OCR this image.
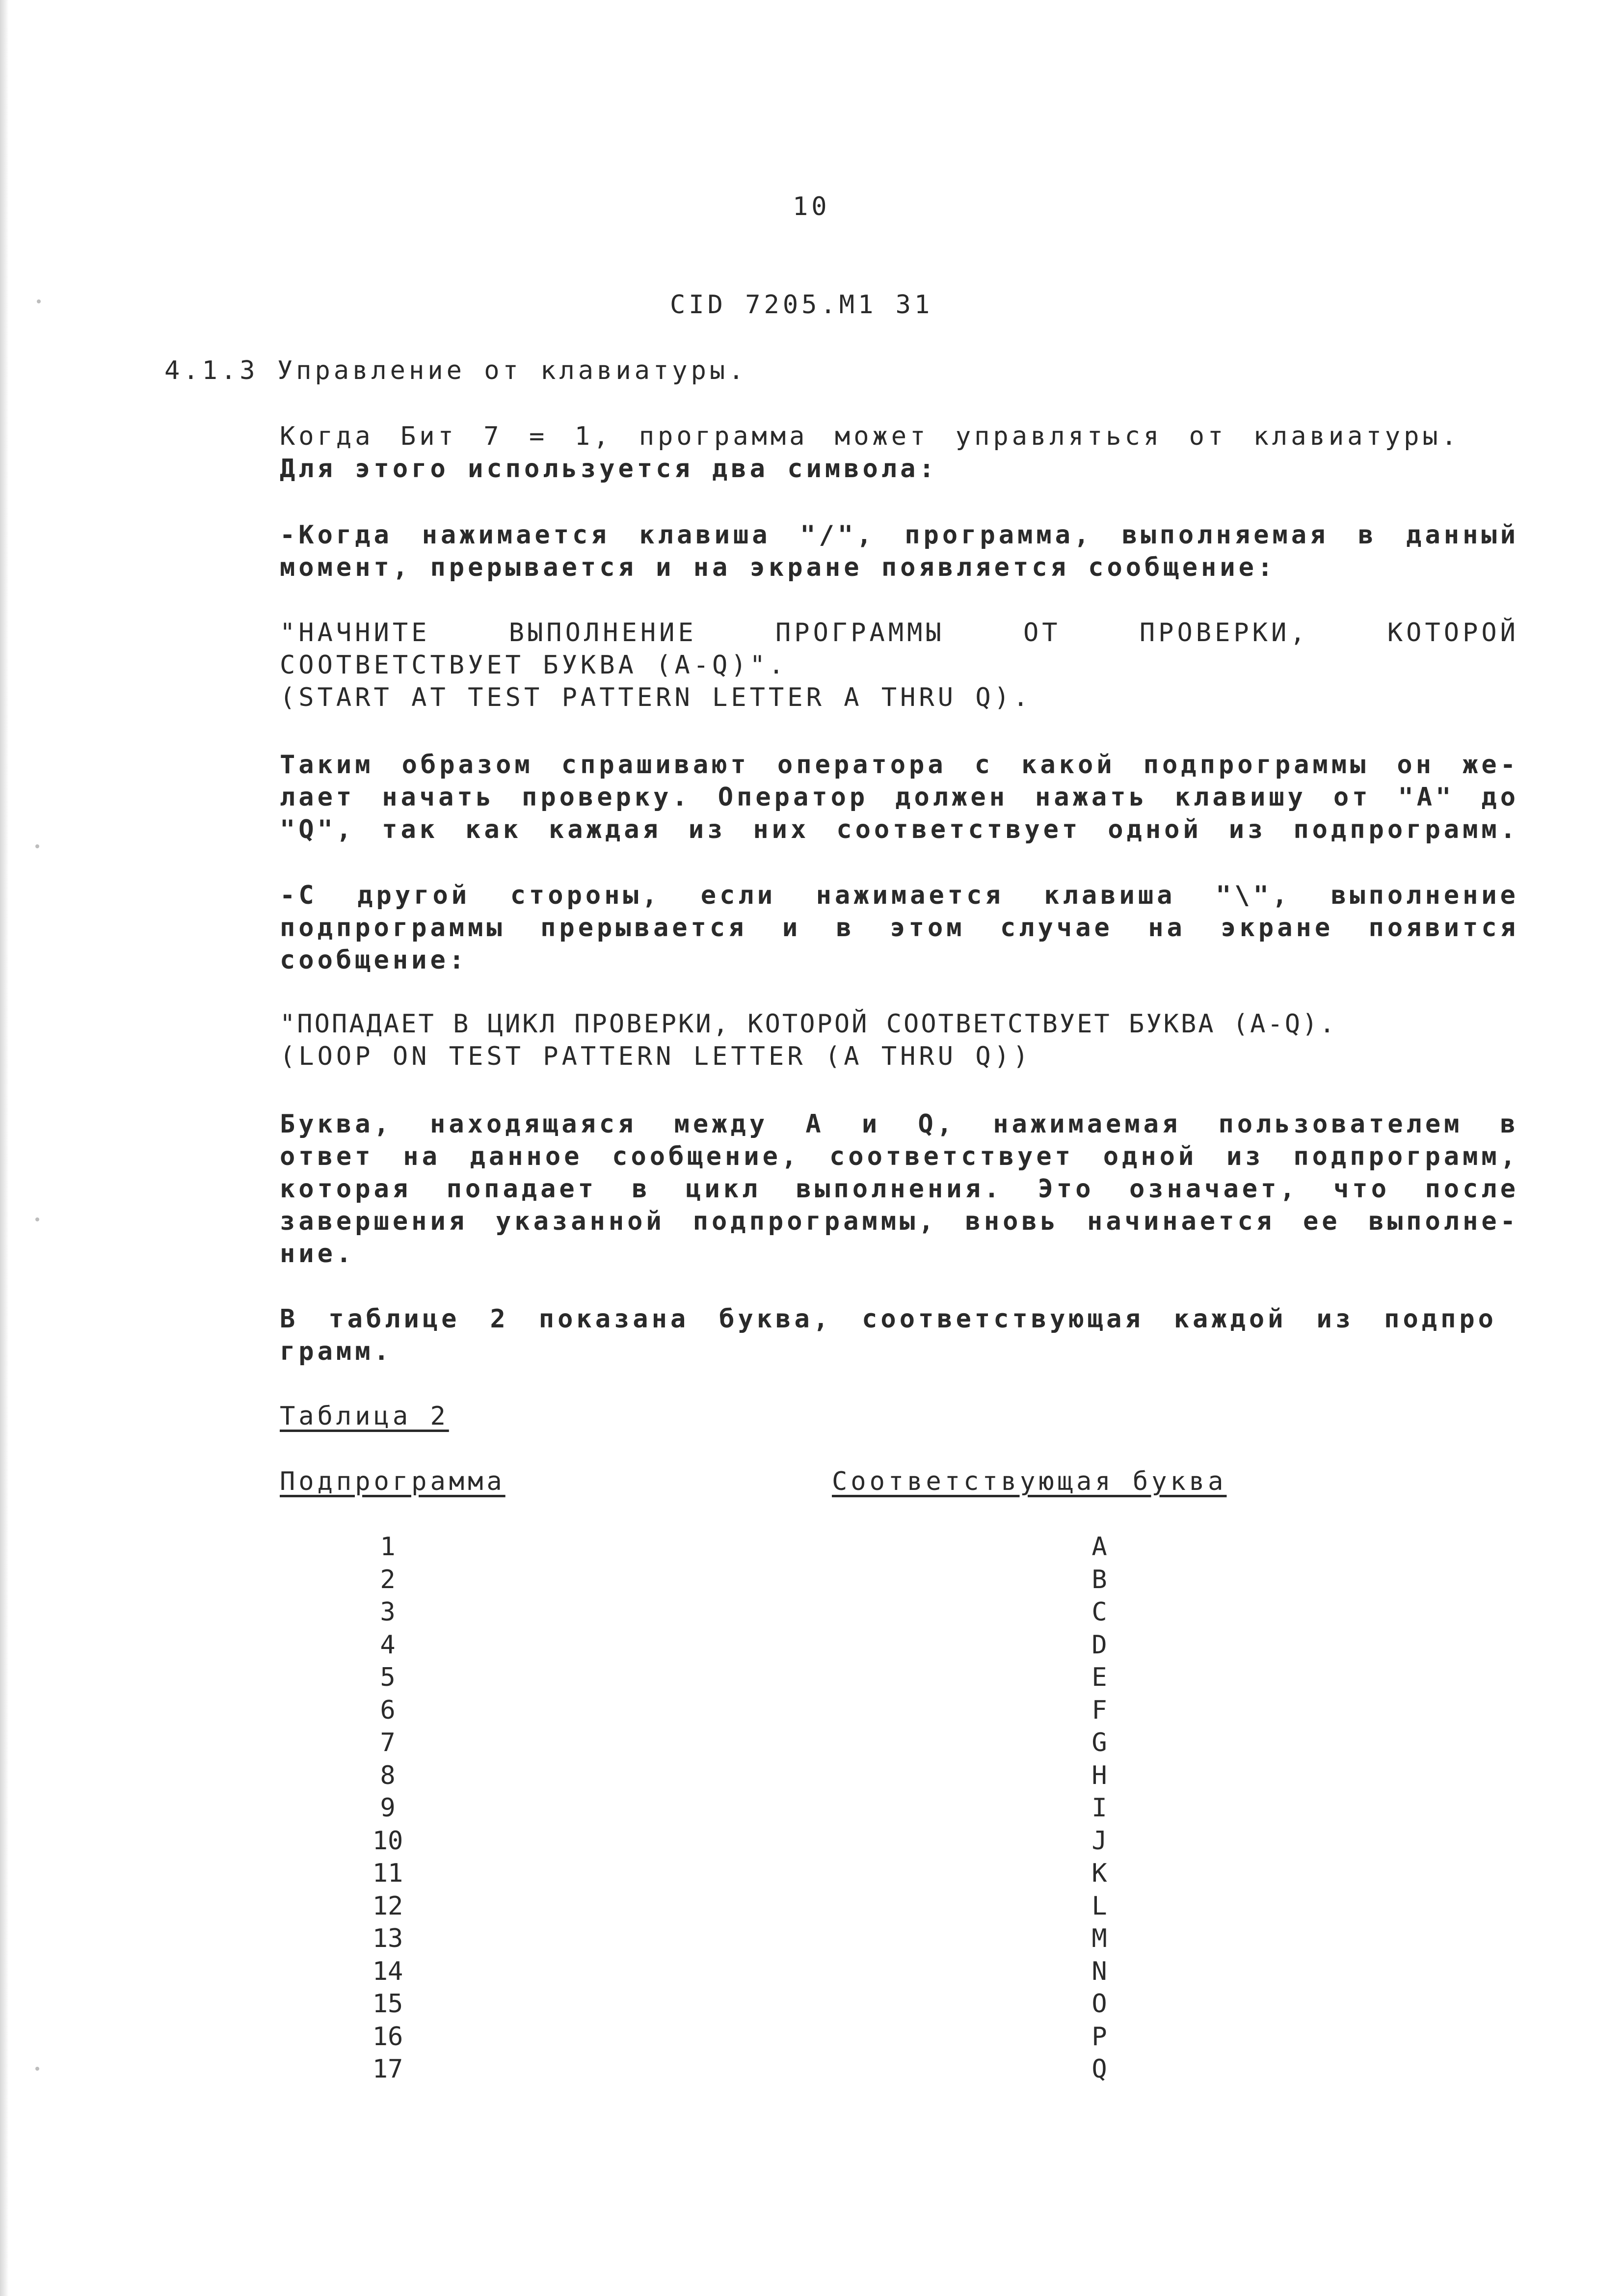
10
CID 7205.M1 31
4.1.3 Управление от клавиатуры.
Когда Бит 7 = 1, программа может управляться от клавиатуры.
Для этого используется два символа:
-Когда нажимается клавиша "/", программа, выполняемая в данный
момент, прерывается и на экране появляется сообщение:
"НАЧНИТЕ ВЫПОЛНЕНИЕ ПРОГРАММЫ ОТ ПРОВЕРКИ, КОТОРОЙ
СООТВЕТСТВУЕТ БУКВА (A-Q)".
(START AT TEST PATTERN LETTER A THRU Q).
Таким образом спрашивают оператора с какой подпрограммы он же-
лает начать проверку. Оператор должен нажать клавишу от "A" до
"Q", так как каждая из них соответствует одной из подпрограмм.
-С другой стороны, если нажимается клавиша "\", выполнение
подпрограммы прерывается и в этом случае на экране появится
сообщение:
"ПОПАДАЕТ В ЦИКЛ ПРОВЕРКИ, КОТОРОЙ СООТВЕТСТВУЕТ БУКВА (A-Q).
(LOOP ON TEST PATTERN LETTER (A THRU Q))
Буква, находящаяся между A и Q, нажимаемая пользователем в
ответ на данное сообщение, соответствует одной из подпрограмм,
которая попадает в цикл выполнения. Это означает, что после
завершения указанной подпрограммы, вновь начинается ее выполне-
ние.
В таблице 2 показана буква, соответствующая каждой из подпро
грамм.
Таблица 2
Подпрограмма	Соответствующая буква
1	A
2	B
3	C
4	D
5	E
6	F
7	G
8	H
9	I
10	J
11	K
12	L
13	M
14	N
15	O
16	P
17	Q
